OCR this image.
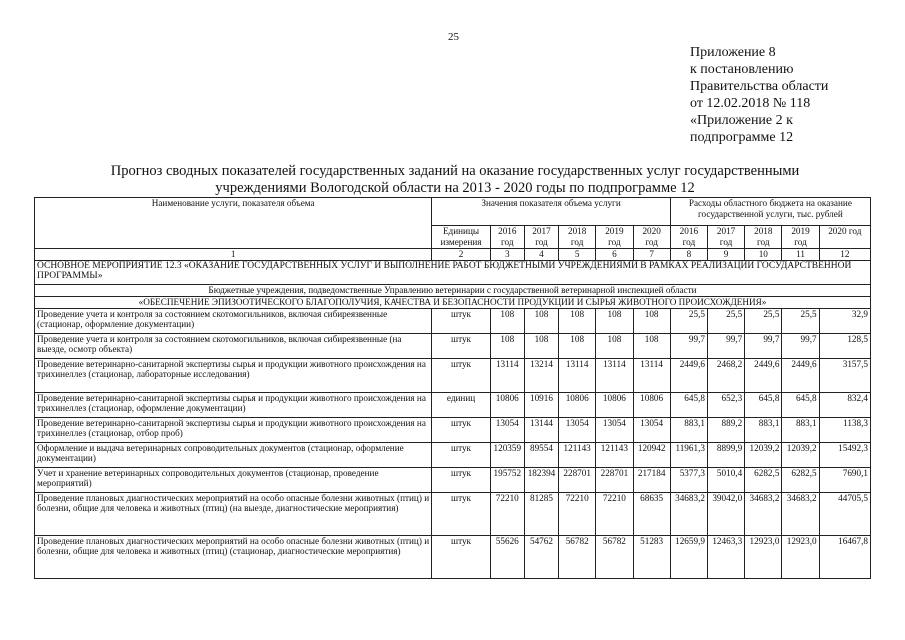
25
Приложение 8
к постановлению
Правительства области
от 12.02.2018 № 118
«Приложение 2 к
подпрограмме 12
Прогноз сводных показателей государственных заданий на оказание государственных услуг государственными
учреждениями Вологодской области на 2013 - 2020 годы по подпрограмме 12
Наименование услуги, показателя объема	Значения показателя объема услуги						Расходы областного бюджета на оказание государственной услуги, тыс. рублей				
	Единицы измерения	2016 год	2017 год	2018 год	2019 год	2020 год	2016 год	2017 год	2018 год	2019 год	2020 год
1	2	3	4	5	6	7	8	9	10	11	12
ОСНОВНОЕ МЕРОПРИЯТИЕ 12.3 «ОКАЗАНИЕ ГОСУДАРСТВЕННЫХ УСЛУГ И ВЫПОЛНЕНИЕ РАБОТ БЮДЖЕТНЫМИ УЧРЕЖДЕНИЯМИ В РАМКАХ РЕАЛИЗАЦИИ ГОСУДАРСТВЕННОЙ ПРОГРАММЫ»											
Бюджетные учреждения, подведомственные Управлению ветеринарии с государственной ветеринарной инспекцией области											
«ОБЕСПЕЧЕНИЕ ЭПИЗООТИЧЕСКОГО БЛАГОПОЛУЧИЯ, КАЧЕСТВА И БЕЗОПАСНОСТИ ПРОДУКЦИИ И СЫРЬЯ ЖИВОТНОГО ПРОИСХОЖДЕНИЯ»											
Проведение учета и контроля за состоянием скотомогильников, включая сибиреязвенные (стационар, оформление документации)	штук	108	108	108	108	108	25,5	25,5	25,5	25,5	32,9
Проведение учета и контроля за состоянием скотомогильников, включая сибиреязвенные (на выезде, осмотр объекта)	штук	108	108	108	108	108	99,7	99,7	99,7	99,7	128,5
Проведение ветеринарно-санитарной экспертизы сырья и продукции животного происхождения на трихинеллез (стационар, лабораторные исследования)	штук	13114	13214	13114	13114	13114	2449,6	2468,2	2449,6	2449,6	3157,5
Проведение ветеринарно-санитарной экспертизы сырья и продукции животного происхождения на трихинеллез (стационар, оформление документации)	единиц	10806	10916	10806	10806	10806	645,8	652,3	645,8	645,8	832,4
Проведение ветеринарно-санитарной экспертизы сырья и продукции животного происхождения на трихинеллез (стационар, отбор проб)	штук	13054	13144	13054	13054	13054	883,1	889,2	883,1	883,1	1138,3
Оформление и выдача ветеринарных сопроводительных документов (стационар, оформление документации)	штук	120359	89554	121143	121143	120942	11961,3	8899,9	12039,2	12039,2	15492,3
Учет и хранение ветеринарных сопроводительных документов (стационар, проведение мероприятий)	штук	195752	182394	228701	228701	217184	5377,3	5010,4	6282,5	6282,5	7690,1
Проведение плановых диагностических мероприятий на особо опасные болезни животных (птиц) и болезни, общие для человека и животных (птиц) (на выезде, диагностические мероприятия)	штук	72210	81285	72210	72210	68635	34683,2	39042,0	34683,2	34683,2	44705,5
Проведение плановых диагностических мероприятий на особо опасные болезни животных (птиц) и болезни, общие для человека и животных (птиц) (стационар, диагностические мероприятия)	штук	55626	54762	56782	56782	51283	12659,9	12463,3	12923,0	12923,0	16467,8
